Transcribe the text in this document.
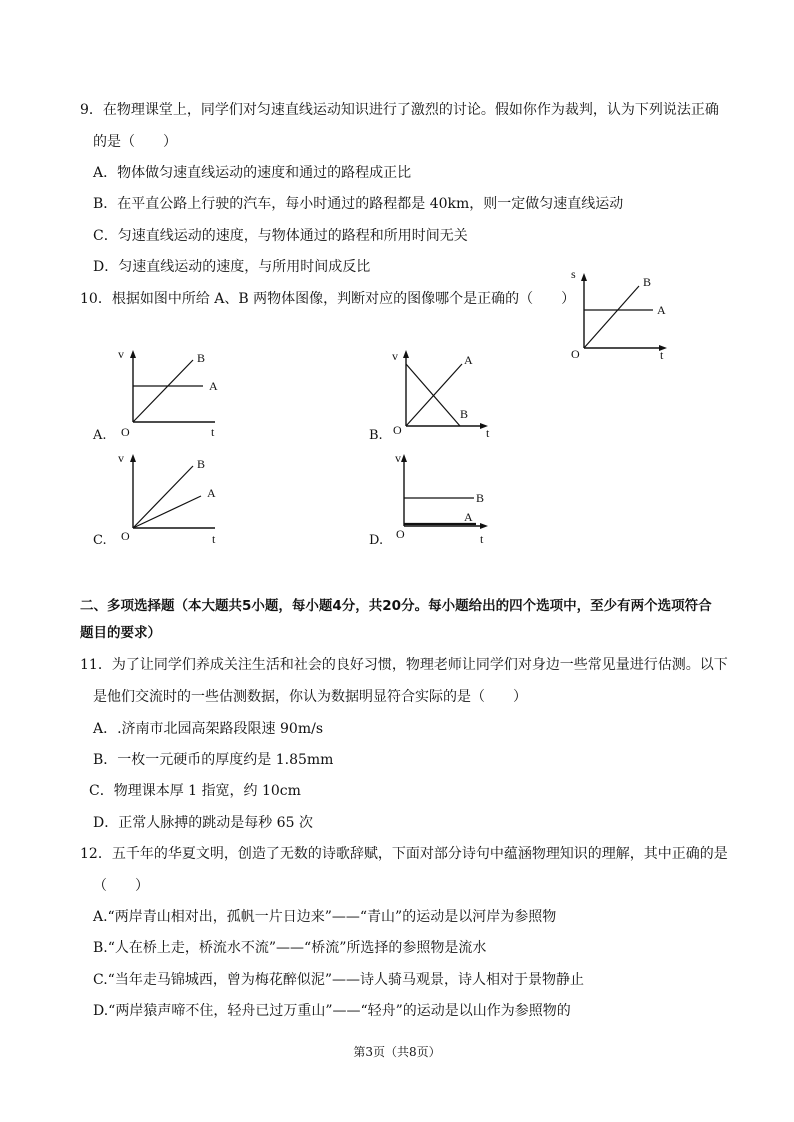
9．在物理课堂上，同学们对匀速直线运动知识进行了激烈的讨论。假如你作为裁判，认为下列说法正确
的是（　　）
A．物体做匀速直线运动的速度和通过的路程成正比
B．在平直公路上行驶的汽车，每小时通过的路程都是 40km，则一定做匀速直线运动
C．匀速直线运动的速度，与物体通过的路程和所用时间无关
D．匀速直线运动的速度，与所用时间成反比
10．根据如图中所给 A、B 两物体图像，判断对应的图像哪个是正确的（　　）
s
B
A
O	t
A.
v	B
A
O	t	B.
v	A
B
O	t
C.
v	B
A
O	t	D.
v
B
A
O	t
二、多项选择题（本大题共5小题，每小题4分，共20分。每小题给出的四个选项中，至少有两个选项符合
题目的要求）
11．为了让同学们养成关注生活和社会的良好习惯，物理老师让同学们对身边一些常见量进行估测。以下
是他们交流时的一些估测数据，你认为数据明显符合实际的是（　　）
A．.济南市北园高架路段限速 90m/s
B．一枚一元硬币的厚度约是 1.85mm
C．物理课本厚 1 指宽，约 10cm
D．正常人脉搏的跳动是每秒 65 次
12．五千年的华夏文明，创造了无数的诗歌辞赋，下面对部分诗句中蕴涵物理知识的理解，其中正确的是
（　　）
A.“两岸青山相对出，孤帆一片日边来”——“青山”的运动是以河岸为参照物
B.“人在桥上走，桥流水不流”——“桥流”所选择的参照物是流水
C.“当年走马锦城西，曾为梅花醉似泥”——诗人骑马观景，诗人相对于景物静止
D.“两岸猿声啼不住，轻舟已过万重山”——“轻舟”的运动是以山作为参照物的
第3页（共8页）
